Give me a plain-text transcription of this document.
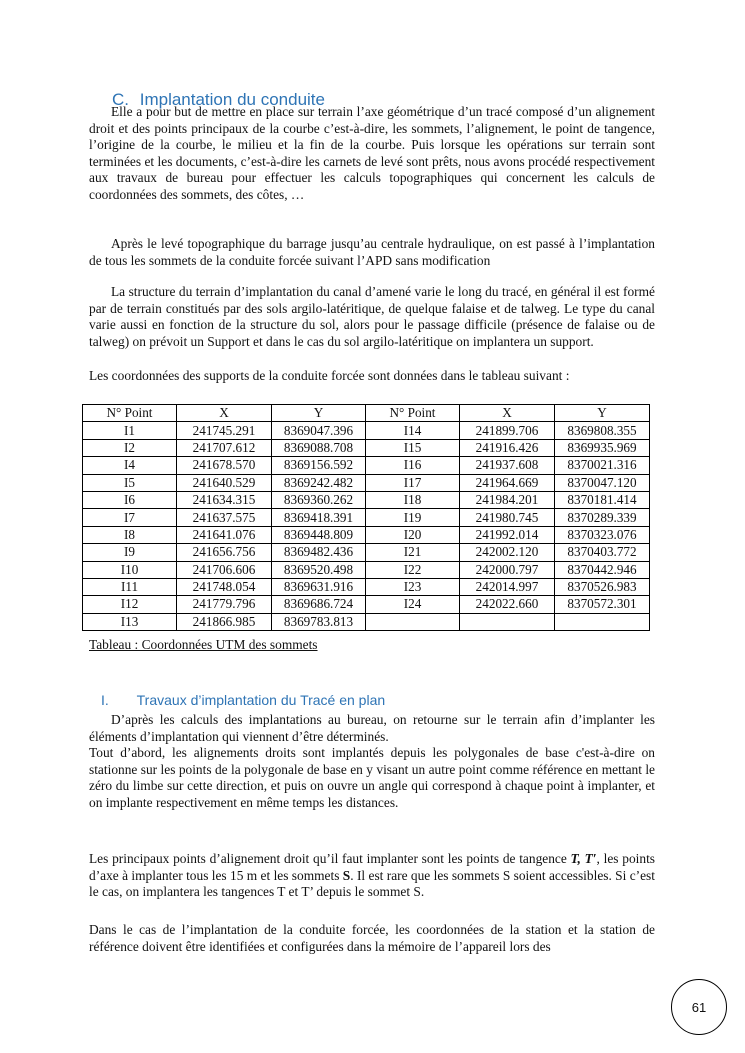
C. Implantation du conduite

Elle a pour but de mettre en place sur terrain l’axe géométrique d’un tracé composé d’un alignement droit et des points principaux de la courbe c’est-à-dire, les sommets, l’alignement, le point de tangence, l’origine de la courbe, le milieu et la fin de la courbe. Puis lorsque les opérations sur terrain sont terminées et les documents, c’est-à-dire les carnets de levé sont prêts, nous avons procédé respectivement aux travaux de bureau pour effectuer les calculs topographiques qui concernent les calculs de coordonnées des sommets, des côtes, …

Après le levé topographique du barrage jusqu’au centrale hydraulique, on est passé à l’implantation de tous les sommets de la conduite forcée suivant l’APD sans modification

La structure du terrain d’implantation du canal d’amené varie le long du tracé, en général il est formé par de terrain constitués par des sols argilo-latéritique, de quelque falaise et de talweg. Le type du canal varie aussi en fonction de la structure du sol, alors pour le passage difficile (présence de falaise ou de talweg) on prévoit un Support et dans le cas du sol argilo-latéritique on implantera un support.

Les coordonnées des supports de la conduite forcée sont données dans le tableau suivant :

N° Point	X	Y	N° Point	X	Y
I1	241745.291	8369047.396	I14	241899.706	8369808.355
I2	241707.612	8369088.708	I15	241916.426	8369935.969
I4	241678.570	8369156.592	I16	241937.608	8370021.316
I5	241640.529	8369242.482	I17	241964.669	8370047.120
I6	241634.315	8369360.262	I18	241984.201	8370181.414
I7	241637.575	8369418.391	I19	241980.745	8370289.339
I8	241641.076	8369448.809	I20	241992.014	8370323.076
I9	241656.756	8369482.436	I21	242002.120	8370403.772
I10	241706.606	8369520.498	I22	242000.797	8370442.946
I11	241748.054	8369631.916	I23	242014.997	8370526.983
I12	241779.796	8369686.724	I24	242022.660	8370572.301
I13	241866.985	8369783.813			
Tableau : Coordonnées UTM des sommets
I. Travaux d’implantation du Tracé en plan

D’après les calculs des implantations au bureau, on retourne sur le terrain afin d’implanter les éléments d’implantation qui viennent d’être déterminés.

Tout d’abord, les alignements droits sont implantés depuis les polygonales de base c'est-à-dire on stationne sur les points de la polygonale de base en y visant un autre point comme référence en mettant le zéro du limbe sur cette direction, et puis on ouvre un angle qui correspond à chaque point à implanter, et on implante respectivement en même temps les distances.

Les principaux points d’alignement droit qu’il faut implanter sont les points de tangence T, T′, les points d’axe à implanter tous les 15 m et les sommets S. Il est rare que les sommets S soient accessibles. Si c’est le cas, on implantera les tangences T et T’ depuis le sommet S.

Dans le cas de l’implantation de la conduite forcée, les coordonnées de la station et la station de référence doivent être identifiées et configurées dans la mémoire de l’appareil lors des

61
